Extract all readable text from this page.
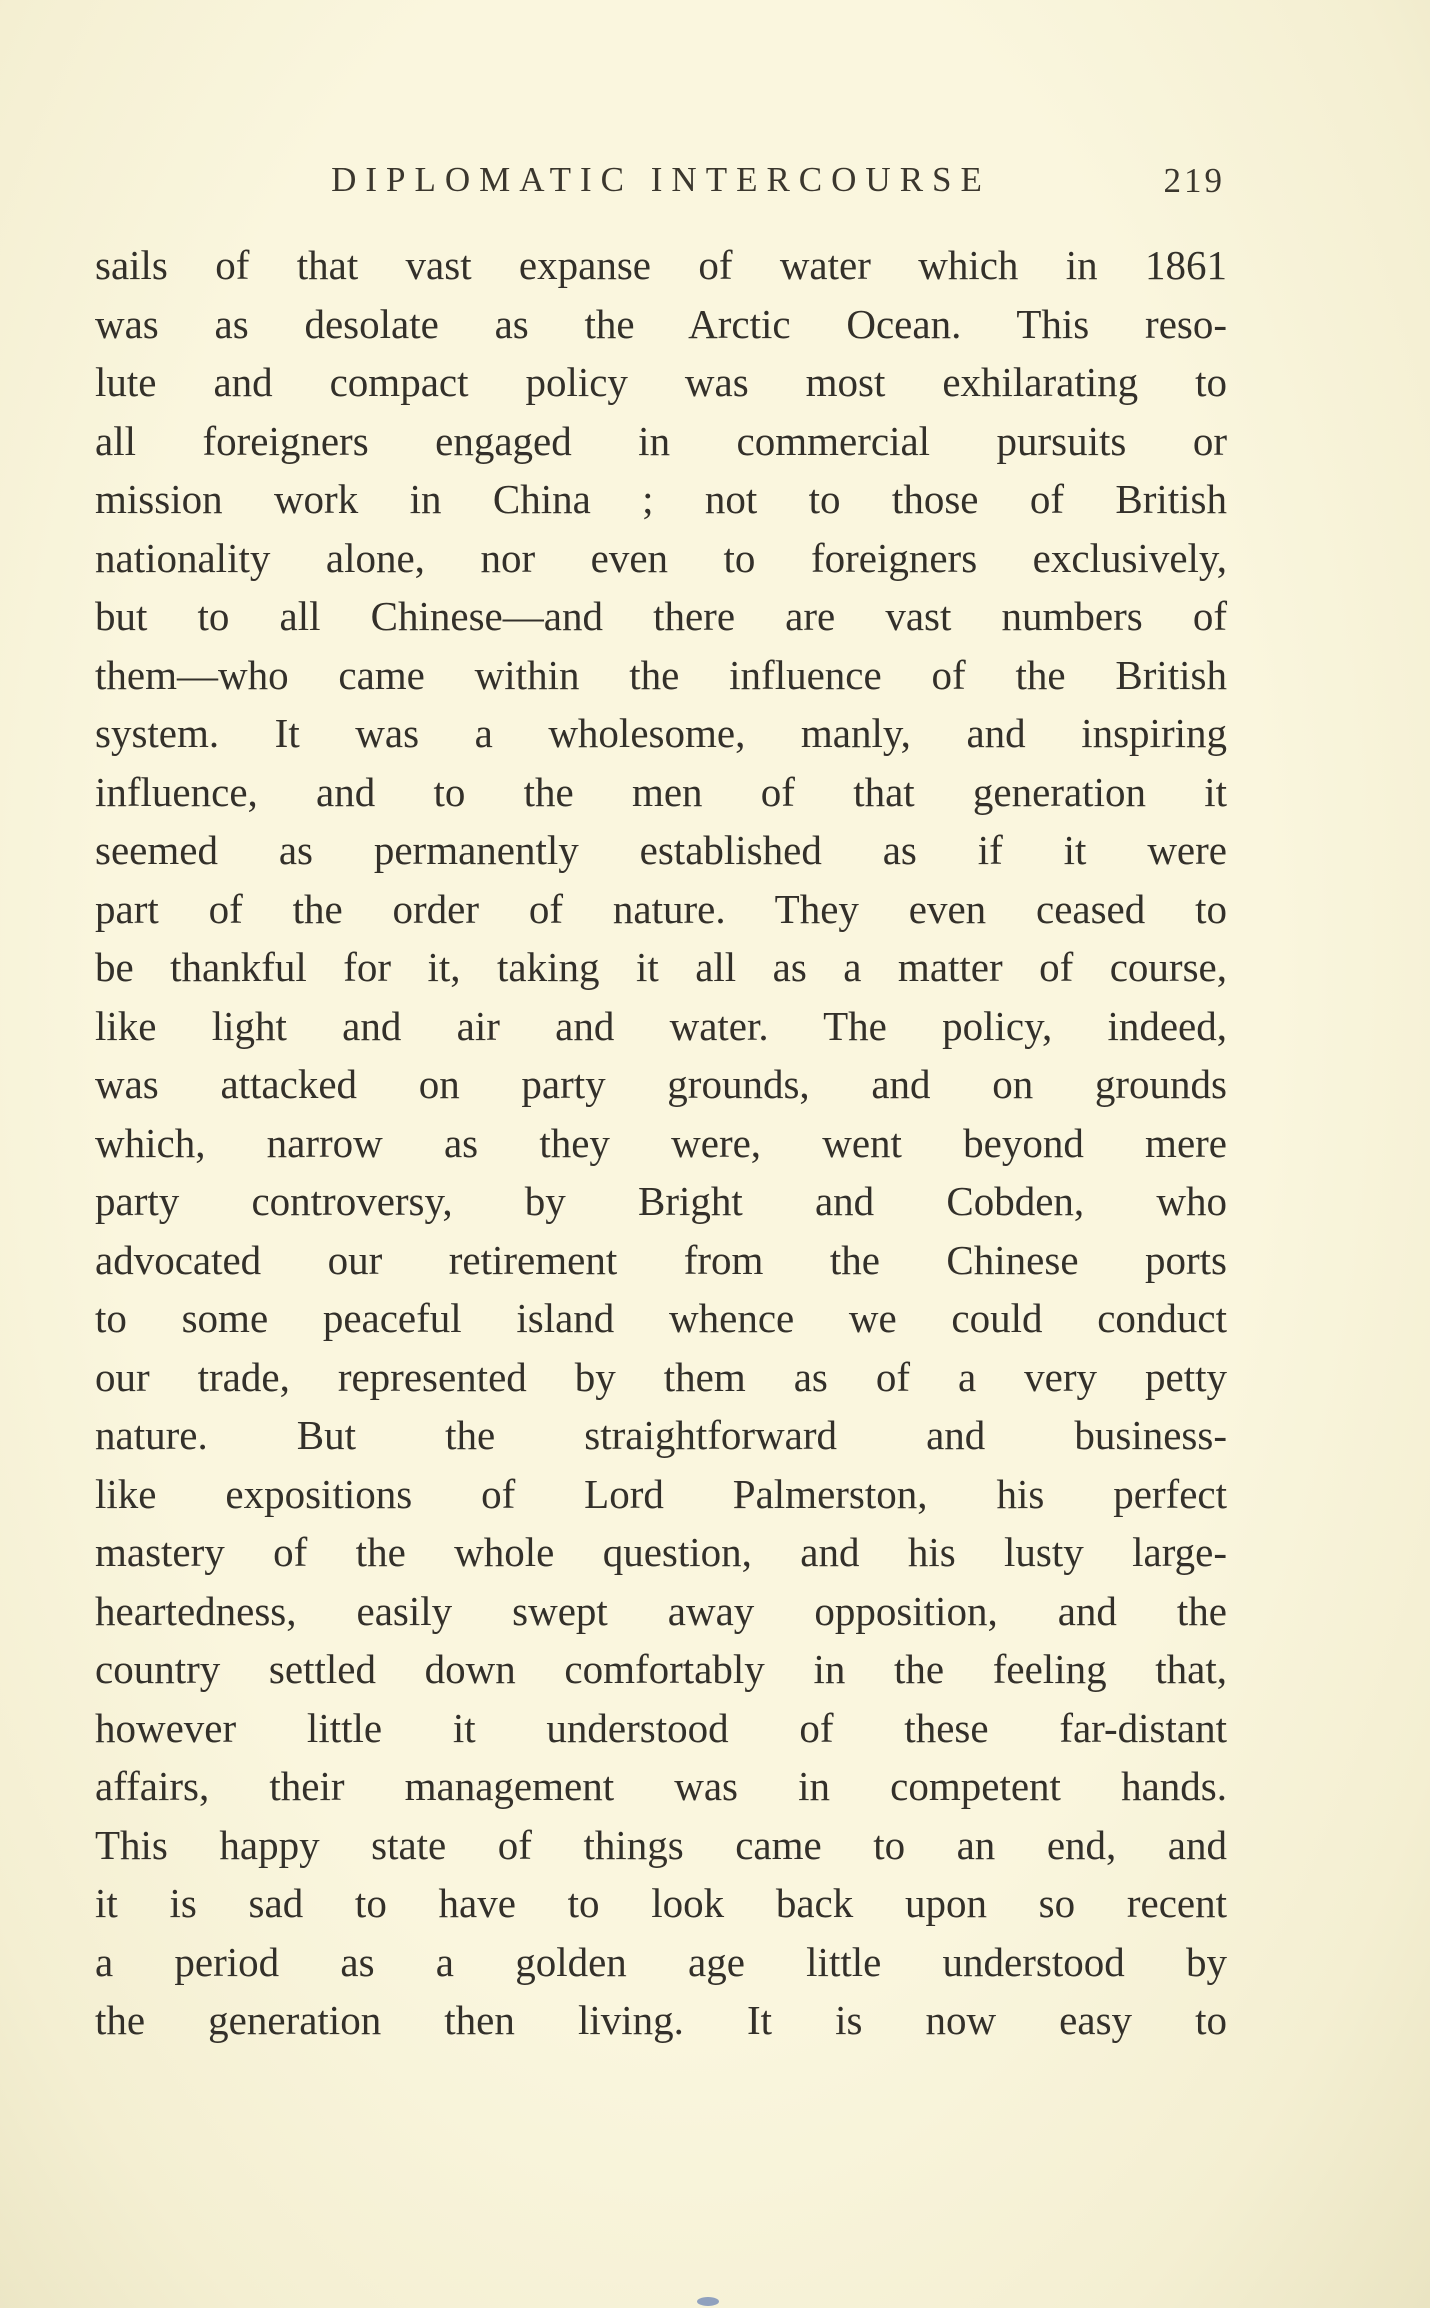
DIPLOMATIC INTERCOURSE	219
sails of that vast expanse of water which in 1861
was as desolate as the Arctic Ocean. This reso-
lute and compact policy was most exhilarating to
all foreigners engaged in commercial pursuits or
mission work in China ; not to those of British
nationality alone, nor even to foreigners exclusively,
but to all Chinese—and there are vast numbers of
them—who came within the influence of the British
system. It was a wholesome, manly, and inspiring
influence, and to the men of that generation it
seemed as permanently established as if it were
part of the order of nature. They even ceased to
be thankful for it, taking it all as a matter of course,
like light and air and water. The policy, indeed,
was attacked on party grounds, and on grounds
which, narrow as they were, went beyond mere
party controversy, by Bright and Cobden, who
advocated our retirement from the Chinese ports
to some peaceful island whence we could conduct
our trade, represented by them as of a very petty
nature. But the straightforward and business-
like expositions of Lord Palmerston, his perfect
mastery of the whole question, and his lusty large-
heartedness, easily swept away opposition, and the
country settled down comfortably in the feeling that,
however little it understood of these far-distant
affairs, their management was in competent hands.
This happy state of things came to an end, and
it is sad to have to look back upon so recent
a period as a golden age little understood by
the generation then living. It is now easy to
